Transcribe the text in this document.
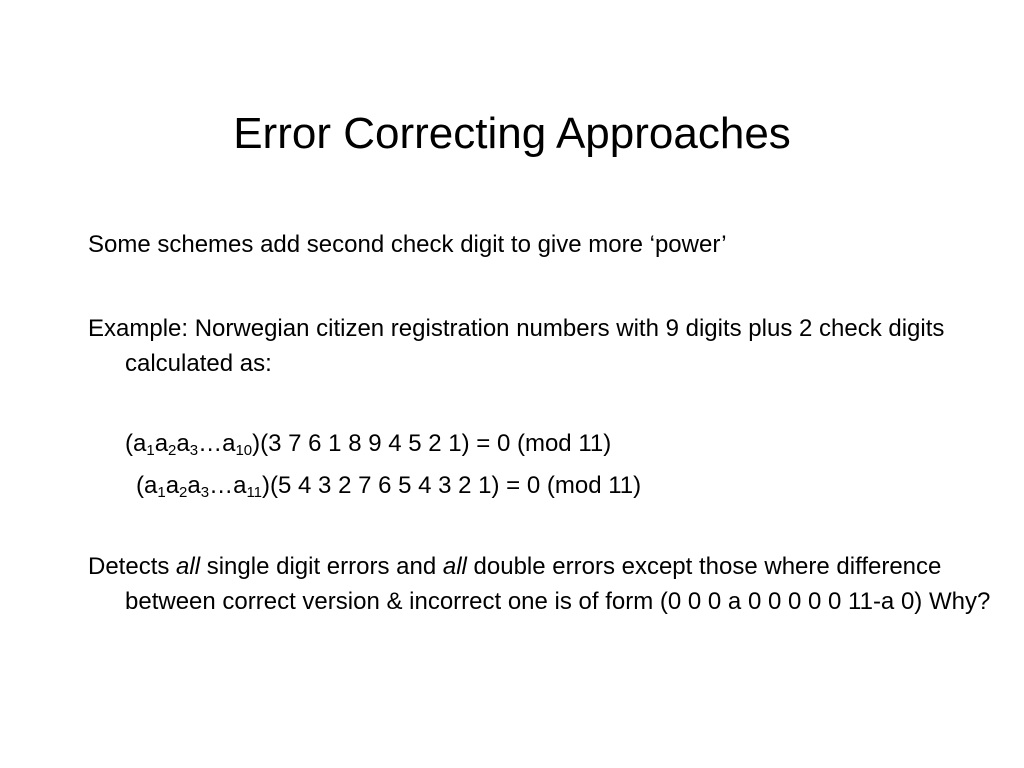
Error Correcting Approaches

Some schemes add second check digit to give more ‘power’

Example: Norwegian citizen registration numbers with 9 digits plus 2 check digits calculated as:

$(a_1a_2a_3\dots a_{10})(3$ 7 6 1 8 9 4 5 2 1) = 0 (mod 11)

$(a_1a_2a_3\dots a_{11})(5$ 4 3 2 7 6 5 4 3 2 1) = 0 (mod 11)

Detects all single digit errors and all double errors except those where difference between correct version & incorrect one is of form (0 0 0 a 0 0 0 0 0 11-a 0) Why?
